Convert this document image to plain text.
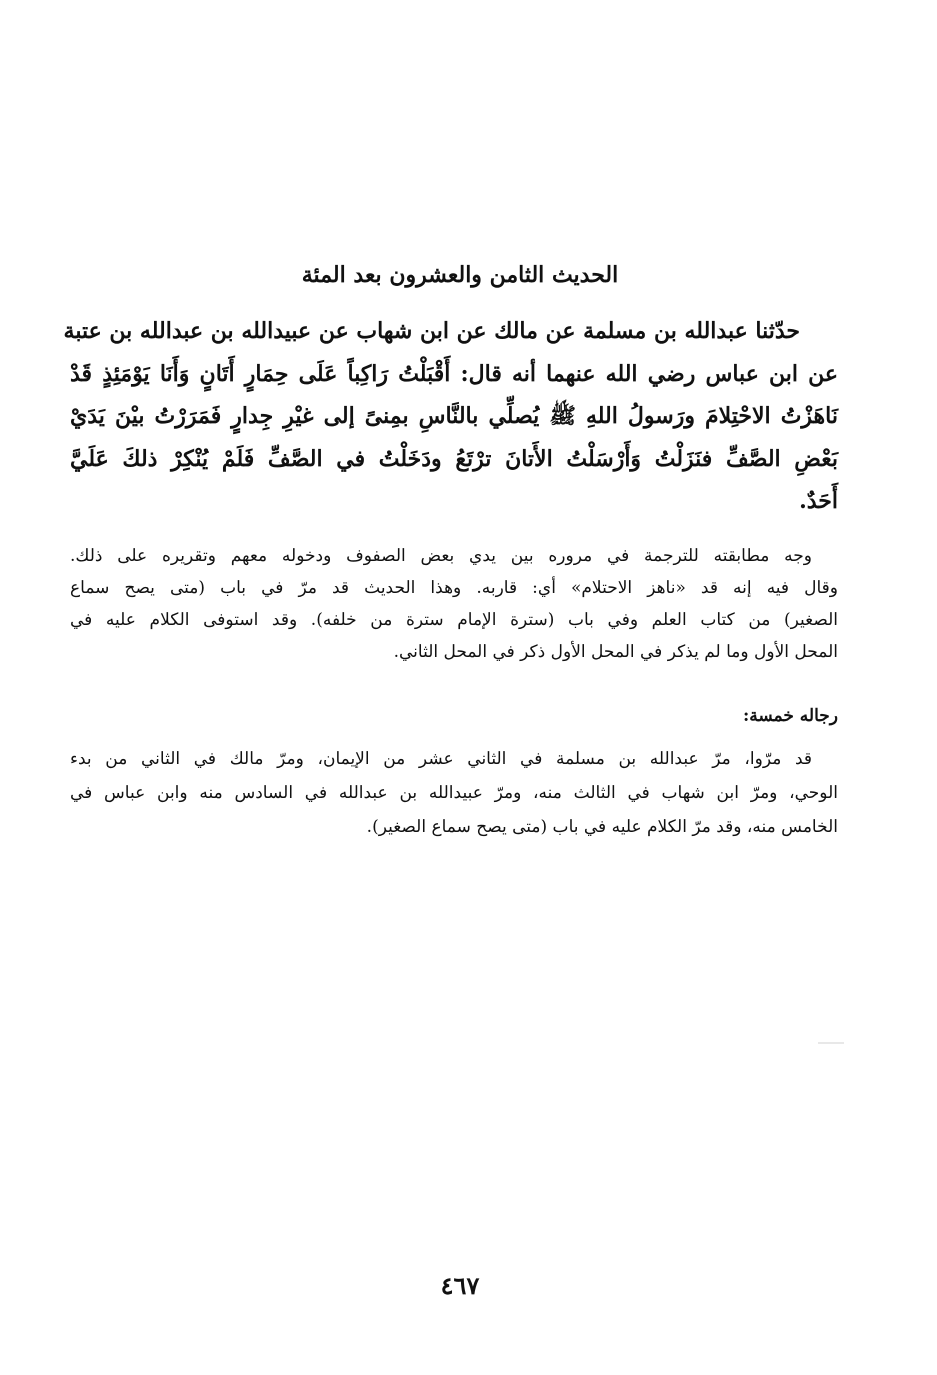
الحديث الثامن والعشرون بعد المئة
حدّثنا عبدالله بن مسلمة عن مالك عن ابن شهاب عن عبيدالله بن عبدالله بن عتبة
عن ابن عباس رضي الله عنهما أنه قال: أَقْبَلْتُ رَاكِباً عَلَى حِمَارٍ أَتَانٍ وَأَنَا يَوْمَئِذٍ قَدْ
نَاهَزْتُ الاحْتِلامَ ورَسولُ اللهِ ﷺ يُصلِّي بالنَّاسِ بمِنىً إلى غيْرِ جِدارٍ فَمَرَرْتُ بيْنَ يَدَيْ
بَعْضِ الصَّفِّ فنَزَلْتُ وَأَرْسَلْتُ الأَتانَ ترْتَعُ ودَخَلْتُ في الصَّفِّ فَلَمْ يُنْكِرْ ذلكَ عَلَيَّ
أَحَدٌ.
وجه مطابقته للترجمة في مروره بين يدي بعض الصفوف ودخوله معهم وتقريره على ذلك.
وقال فيه إنه قد «ناهز الاحتلام» أي: قاربه. وهذا الحديث قد مرّ في باب (متى يصح سماع
الصغير) من كتاب العلم وفي باب (سترة الإمام سترة من خلفه). وقد استوفى الكلام عليه في
المحل الأول وما لم يذكر في المحل الأول ذكر في المحل الثاني.
رجاله خمسة:
قد مرّوا، مرّ عبدالله بن مسلمة في الثاني عشر من الإيمان، ومرّ مالك في الثاني من بدء
الوحي، ومرّ ابن شهاب في الثالث منه، ومرّ عبيدالله بن عبدالله في السادس منه وابن عباس في
الخامس منه، وقد مرّ الكلام عليه في باب (متى يصح سماع الصغير).
٤٦٧
